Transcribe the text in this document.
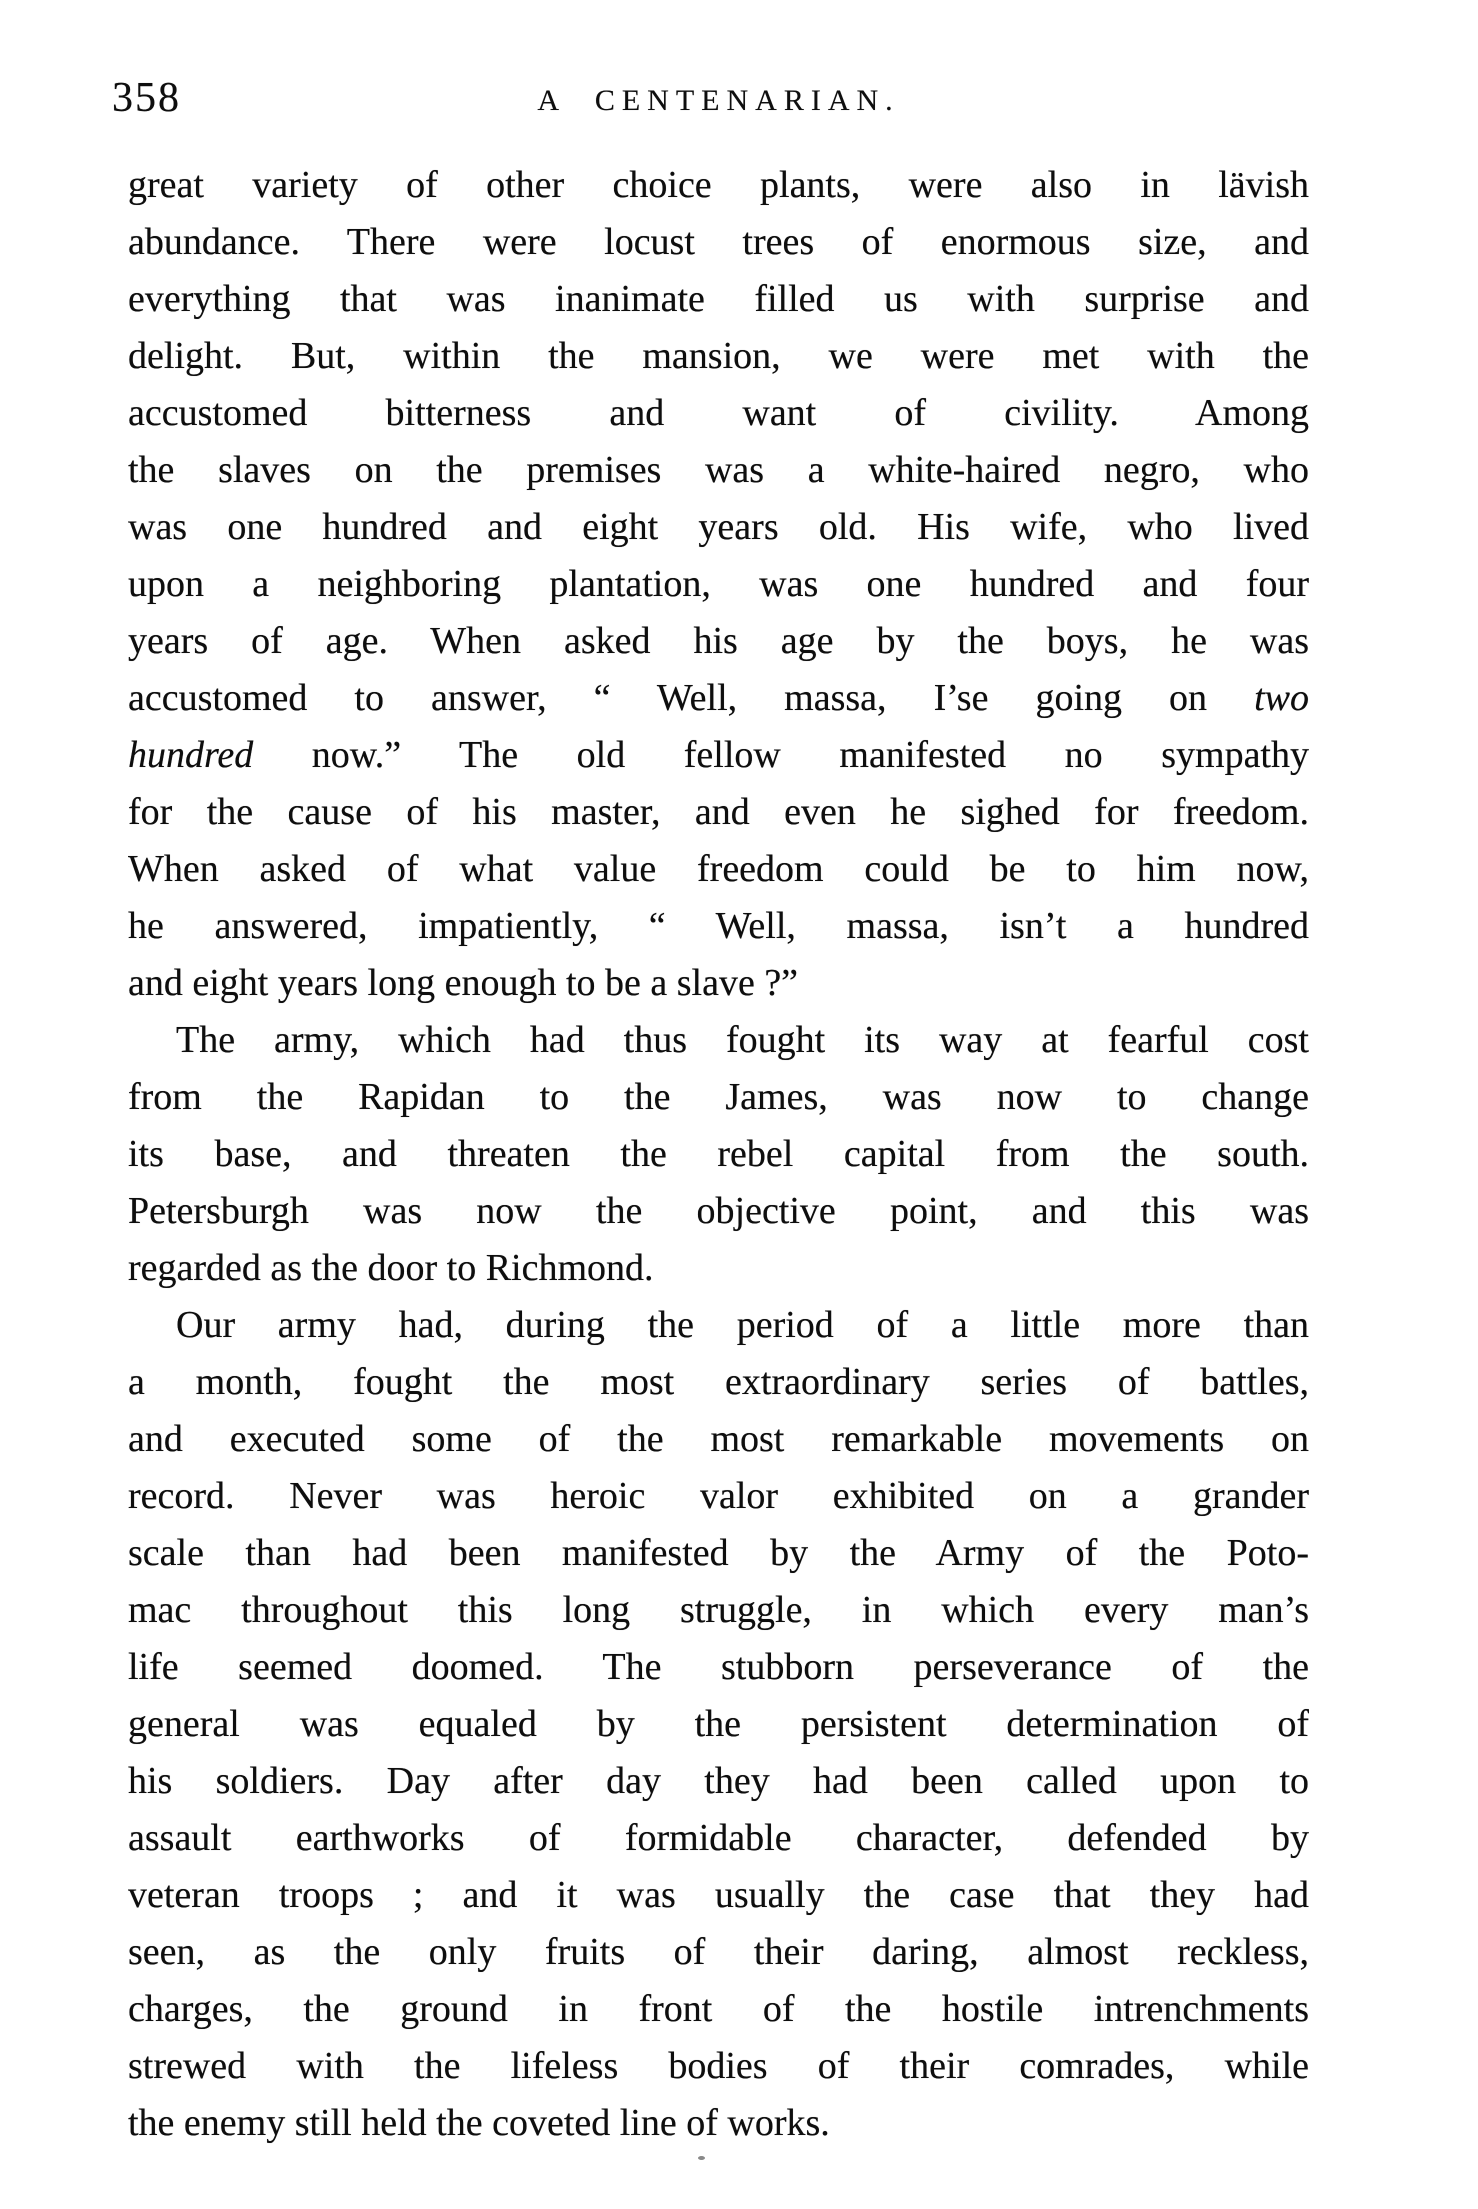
358	A CENTENARIAN.
great variety of other choice plants, were also in lävish
abundance. There were locust trees of enormous size, and
everything that was inanimate filled us with surprise and
delight. But, within the mansion, we were met with the
accustomed bitterness and want of civility. Among
the slaves on the premises was a white-haired negro, who
was one hundred and eight years old. His wife, who lived
upon a neighboring plantation, was one hundred and four
years of age. When asked his age by the boys, he was
accustomed to answer, “ Well, massa, I’se going on two
hundred now.” The old fellow manifested no sympathy
for the cause of his master, and even he sighed for freedom.
When asked of what value freedom could be to him now,
he answered, impatiently, “ Well, massa, isn’t a hundred
and eight years long enough to be a slave ?”
The army, which had thus fought its way at fearful cost
from the Rapidan to the James, was now to change
its base, and threaten the rebel capital from the south.
Petersburgh was now the objective point, and this was
regarded as the door to Richmond.
Our army had, during the period of a little more than
a month, fought the most extraordinary series of battles,
and executed some of the most remarkable movements on
record. Never was heroic valor exhibited on a grander
scale than had been manifested by the Army of the Poto-
mac throughout this long struggle, in which every man’s
life seemed doomed. The stubborn perseverance of the
general was equaled by the persistent determination of
his soldiers. Day after day they had been called upon to
assault earthworks of formidable character, defended by
veteran troops ; and it was usually the case that they had
seen, as the only fruits of their daring, almost reckless,
charges, the ground in front of the hostile intrenchments
strewed with the lifeless bodies of their comrades, while
the enemy still held the coveted line of works.
